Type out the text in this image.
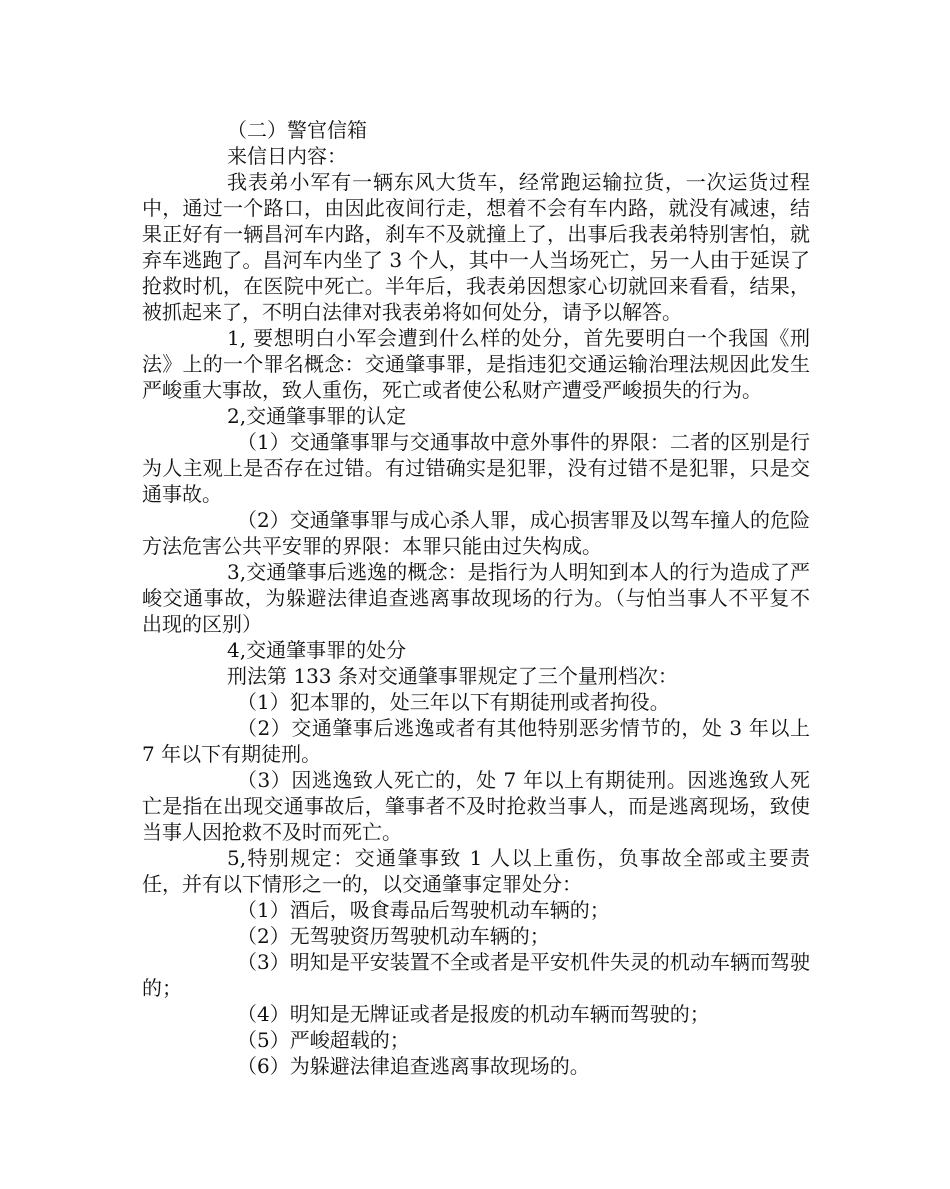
（二）警官信箱

来信日内容：

我表弟小军有一辆东风大货车，经常跑运输拉货，一次运货过程中，通过一个路口，由因此夜间行走，想着不会有车内路，就没有减速，结果正好有一辆昌河车内路，刹车不及就撞上了，出事后我表弟特别害怕，就弃车逃跑了。昌河车内坐了 3 个人，其中一人当场死亡，另一人由于延误了抢救时机，在医院中死亡。半年后，我表弟因想家心切就回来看看，结果，被抓起来了，不明白法律对我表弟将如何处分，请予以解答。

1, 要想明白小军会遭到什么样的处分，首先要明白一个我国《刑法》上的一个罪名概念：交通肇事罪，是指违犯交通运输治理法规因此发生严峻重大事故，致人重伤，死亡或者使公私财产遭受严峻损失的行为。

2,交通肇事罪的认定

（1）交通肇事罪与交通事故中意外事件的界限：二者的区别是行为人主观上是否存在过错。有过错确实是犯罪，没有过错不是犯罪，只是交通事故。

（2）交通肇事罪与成心杀人罪，成心损害罪及以驾车撞人的危险方法危害公共平安罪的界限：本罪只能由过失构成。

3,交通肇事后逃逸的概念：是指行为人明知到本人的行为造成了严峻交通事故，为躲避法律追查逃离事故现场的行为。（与怕当事人不平复不出现的区别）

4,交通肇事罪的处分

刑法第 133 条对交通肇事罪规定了三个量刑档次：

（1）犯本罪的，处三年以下有期徒刑或者拘役。

（2）交通肇事后逃逸或者有其他特别恶劣情节的，处 3 年以上 7 年以下有期徒刑。

（3）因逃逸致人死亡的，处 7 年以上有期徒刑。因逃逸致人死亡是指在出现交通事故后，肇事者不及时抢救当事人，而是逃离现场，致使当事人因抢救不及时而死亡。

5,特别规定：交通肇事致 1 人以上重伤，负事故全部或主要责任，并有以下情形之一的，以交通肇事定罪处分：

（1）酒后，吸食毒品后驾驶机动车辆的；

（2）无驾驶资历驾驶机动车辆的；

（3）明知是平安装置不全或者是平安机件失灵的机动车辆而驾驶的；

（4）明知是无牌证或者是报废的机动车辆而驾驶的；

（5）严峻超载的；

（6）为躲避法律追查逃离事故现场的。
